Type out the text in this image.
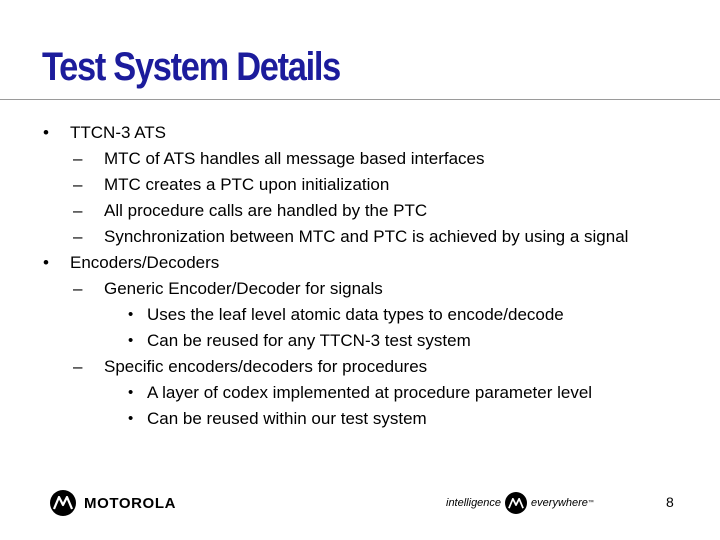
Test System Details
• TTCN-3 ATS
– MTC of ATS handles all message based interfaces
– MTC creates a PTC upon initialization
– All procedure calls are handled by the PTC
– Synchronization between MTC and PTC is achieved by using a signal
• Encoders/Decoders
– Generic Encoder/Decoder for signals
• Uses the leaf level atomic data types to encode/decode
• Can be reused for any TTCN-3 test system
– Specific encoders/decoders for procedures
• A layer of codex implemented at procedure parameter level
• Can be reused within our test system
MOTOROLA	intelligence	everywhere ™	8
